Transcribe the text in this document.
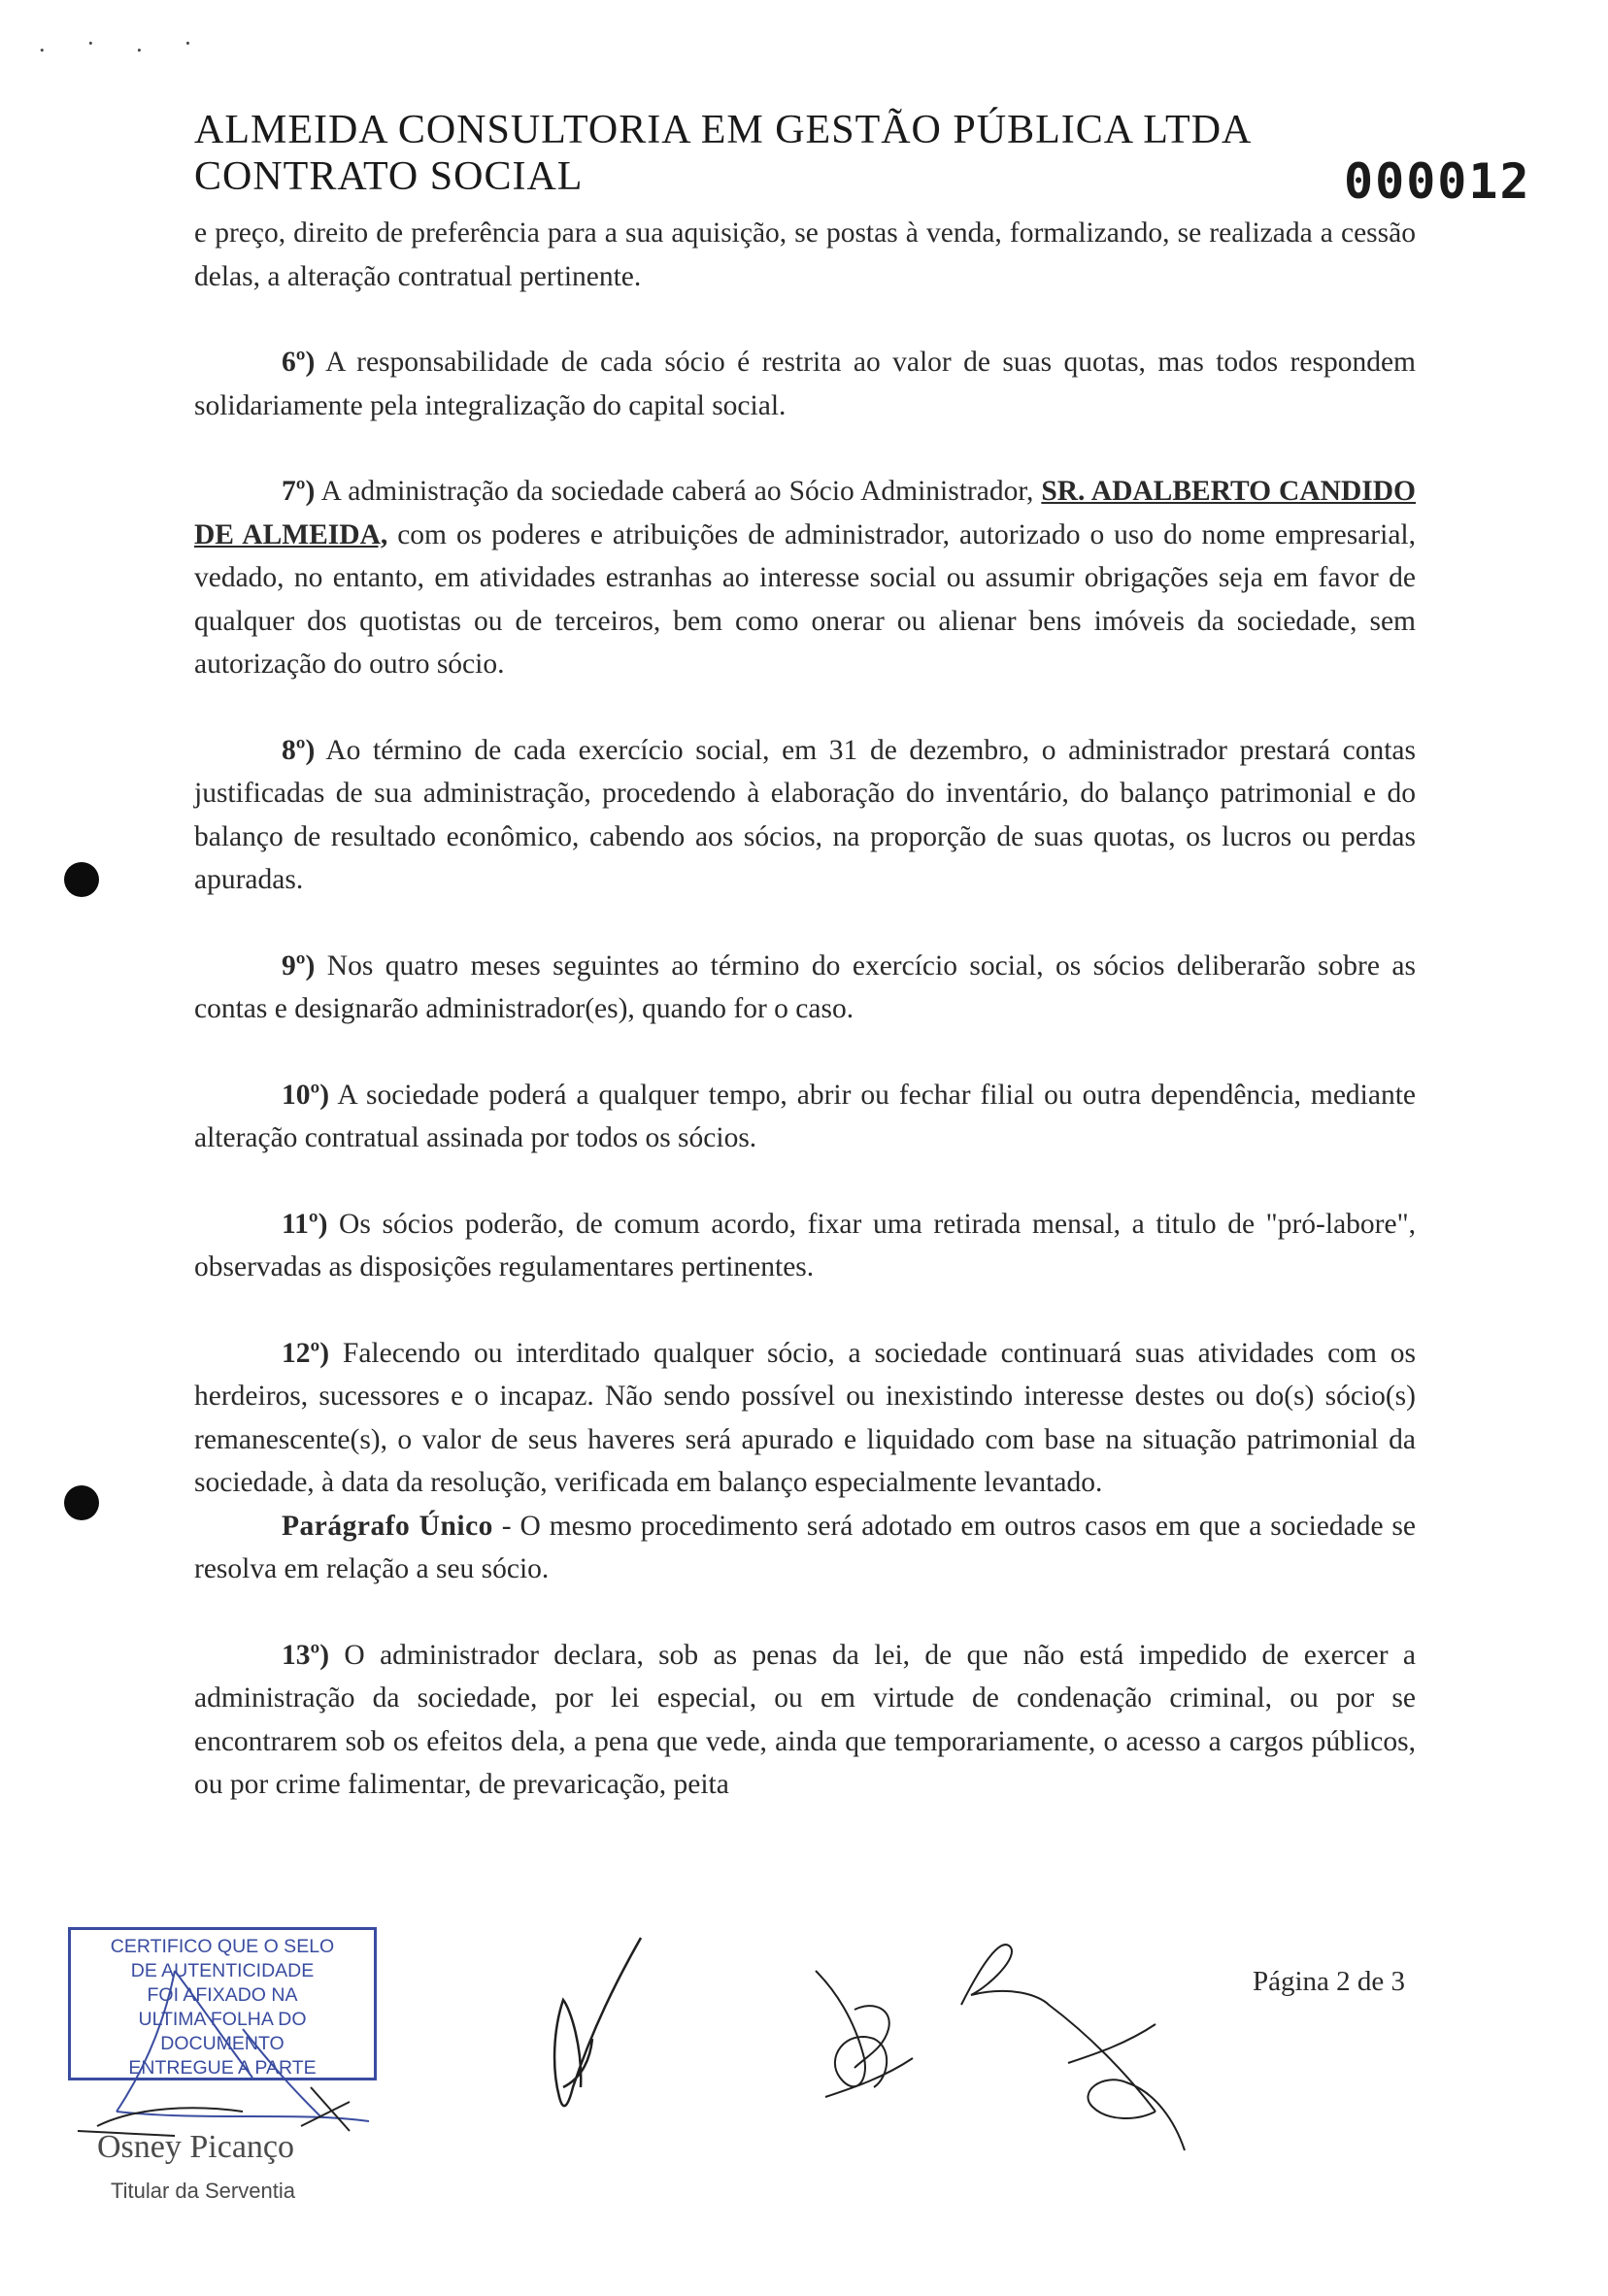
. · . ·
ALMEIDA CONSULTORIA EM GESTÃO PÚBLICA LTDA
CONTRATO SOCIAL	000012

e preço, direito de preferência para a sua aquisição, se postas à venda, formalizando, se realizada a cessão delas, a alteração contratual pertinente.

6º) A responsabilidade de cada sócio é restrita ao valor de suas quotas, mas todos respondem solidariamente pela integralização do capital social.

7º) A administração da sociedade caberá ao Sócio Administrador, SR. ADALBERTO CANDIDO DE ALMEIDA, com os poderes e atribuições de administrador, autorizado o uso do nome empresarial, vedado, no entanto, em atividades estranhas ao interesse social ou assumir obrigações seja em favor de qualquer dos quotistas ou de terceiros, bem como onerar ou alienar bens imóveis da sociedade, sem autorização do outro sócio.

8º) Ao término de cada exercício social, em 31 de dezembro, o administrador prestará contas justificadas de sua administração, procedendo à elaboração do inventário, do balanço patrimonial e do balanço de resultado econômico, cabendo aos sócios, na proporção de suas quotas, os lucros ou perdas apuradas.

9º) Nos quatro meses seguintes ao término do exercício social, os sócios deliberarão sobre as contas e designarão administrador(es), quando for o caso.

10º) A sociedade poderá a qualquer tempo, abrir ou fechar filial ou outra dependência, mediante alteração contratual assinada por todos os sócios.

11º) Os sócios poderão, de comum acordo, fixar uma retirada mensal, a titulo de "pró-labore", observadas as disposições regulamentares pertinentes.

12º) Falecendo ou interditado qualquer sócio, a sociedade continuará suas atividades com os herdeiros, sucessores e o incapaz. Não sendo possível ou inexistindo interesse destes ou do(s) sócio(s) remanescente(s), o valor de seus haveres será apurado e liquidado com base na situação patrimonial da sociedade, à data da resolução, verificada em balanço especialmente levantado.

Parágrafo Único - O mesmo procedimento será adotado em outros casos em que a sociedade se resolva em relação a seu sócio.

13º) O administrador declara, sob as penas da lei, de que não está impedido de exercer a administração da sociedade, por lei especial, ou em virtude de condenação criminal, ou por se encontrarem sob os efeitos dela, a pena que vede, ainda que temporariamente, o acesso a cargos públicos, ou por crime falimentar, de prevaricação, peita

Página 2 de 3
CERTIFICO QUE O SELO
DE AUTENTICIDADE
FOI AFIXADO NA
ULTIMA FOLHA DO
DOCUMENTO
ENTREGUE A PARTE
Osney Picanço
Titular da Serventia
